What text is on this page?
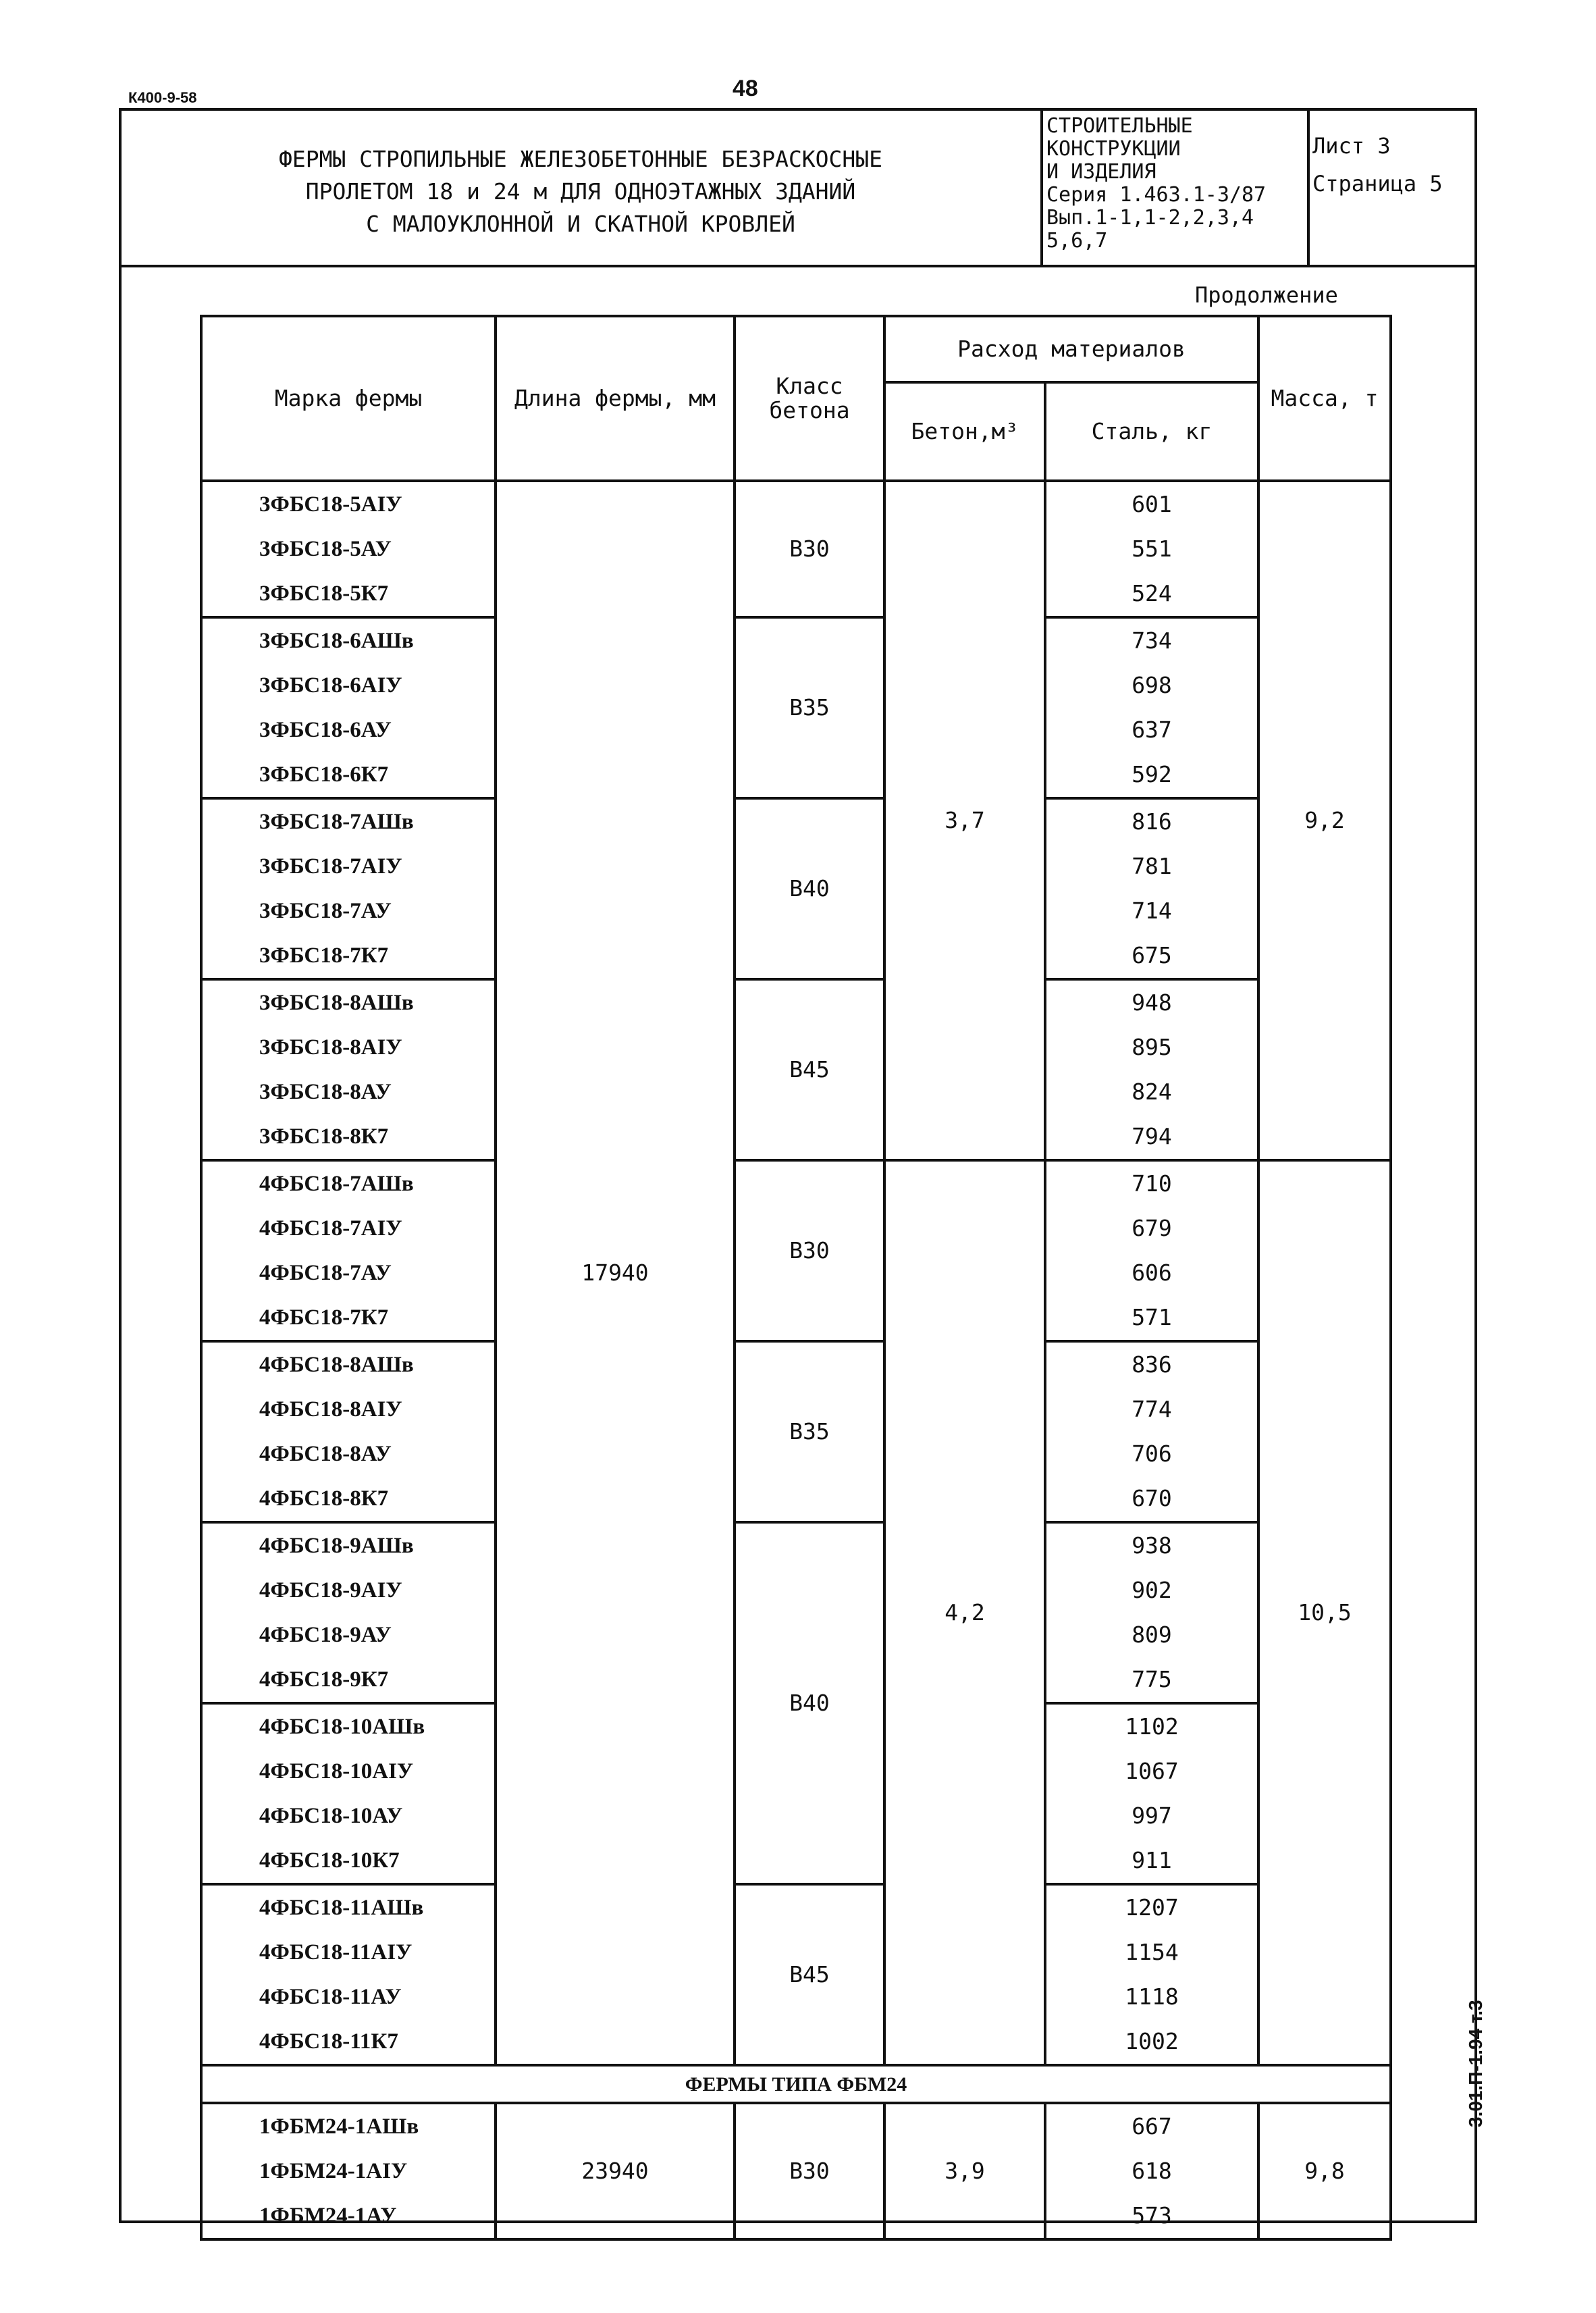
К400-9-58	48
ФЕРМЫ СТРОПИЛЬНЫЕ ЖЕЛЕЗОБЕТОННЫЕ БЕЗРАСКОСНЫЕ
ПРОЛЕТОМ 18 и 24 м ДЛЯ ОДНОЭТАЖНЫХ ЗДАНИЙ
С МАЛОУКЛОННОЙ И СКАТНОЙ КРОВЛЕЙ
СТРОИТЕЛЬНЫЕ
КОНСТРУКЦИИ
И ИЗДЕЛИЯ
Серия 1.463.1-3/87
Вып.1-1,1-2,2,3,4
5,6,7
Лист 3
Страница 5
Продолжение
3.01.П-1.94 т.3
Марка фермы	Длина фермы, мм	Класс бетона	Расход материалов		Масса, т
			Бетон,м³	Сталь, кг	
3ФБС18-5АIУ	17940	B30	3,7	601	9,2
3ФБС18-5АУ				551	
3ФБС18-5К7				524	
3ФБС18-6АШв		B35		734	
3ФБС18-6АIУ				698	
3ФБС18-6АУ				637	
3ФБС18-6К7				592	
3ФБС18-7АШв		B40		816	
3ФБС18-7АIУ				781	
3ФБС18-7АУ				714	
3ФБС18-7К7				675	
3ФБС18-8АШв		B45		948	
3ФБС18-8АIУ				895	
3ФБС18-8АУ				824	
3ФБС18-8К7				794	
4ФБС18-7АШв		B30	4,2	710	10,5
4ФБС18-7АIУ				679	
4ФБС18-7АУ				606	
4ФБС18-7К7				571	
4ФБС18-8АШв		B35		836	
4ФБС18-8АIУ				774	
4ФБС18-8АУ				706	
4ФБС18-8К7				670	
4ФБС18-9АШв		B40		938	
4ФБС18-9АIУ				902	
4ФБС18-9АУ				809	
4ФБС18-9К7				775	
4ФБС18-10АШв				1102	
4ФБС18-10АIУ				1067	
4ФБС18-10АУ				997	
4ФБС18-10К7				911	
4ФБС18-11АШв		B45		1207	
4ФБС18-11АIУ				1154	
4ФБС18-11АУ				1118	
4ФБС18-11К7				1002	
ФЕРМЫ ТИПА ФБМ24					
1ФБМ24-1АШв	23940	B30	3,9	667	9,8
1ФБМ24-1АIУ				618	
1ФБМ24-1АУ				573	
